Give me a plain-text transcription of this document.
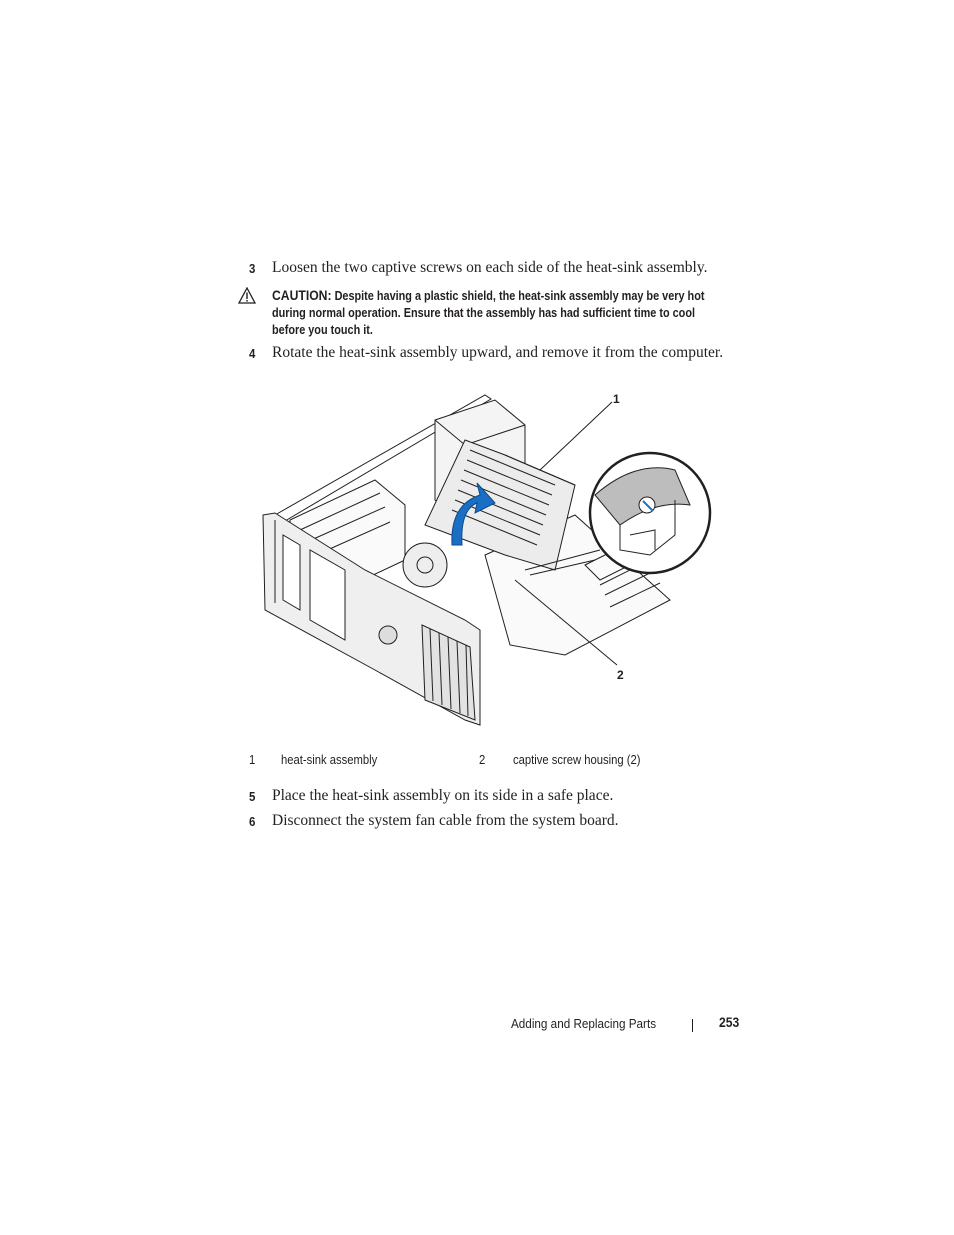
3 Loosen the two captive screws on each side of the heat-sink assembly.
CAUTION: Despite having a plastic shield, the heat-sink assembly may be very hot during normal operation. Ensure that the assembly has had sufficient time to cool before you touch it.
4 Rotate the heat-sink assembly upward, and remove it from the computer.
1
2
1 heat-sink assembly	2 captive screw housing (2)
5 Place the heat-sink assembly on its side in a safe place.
6 Disconnect the system fan cable from the system board.
Adding and Replacing Parts	253
